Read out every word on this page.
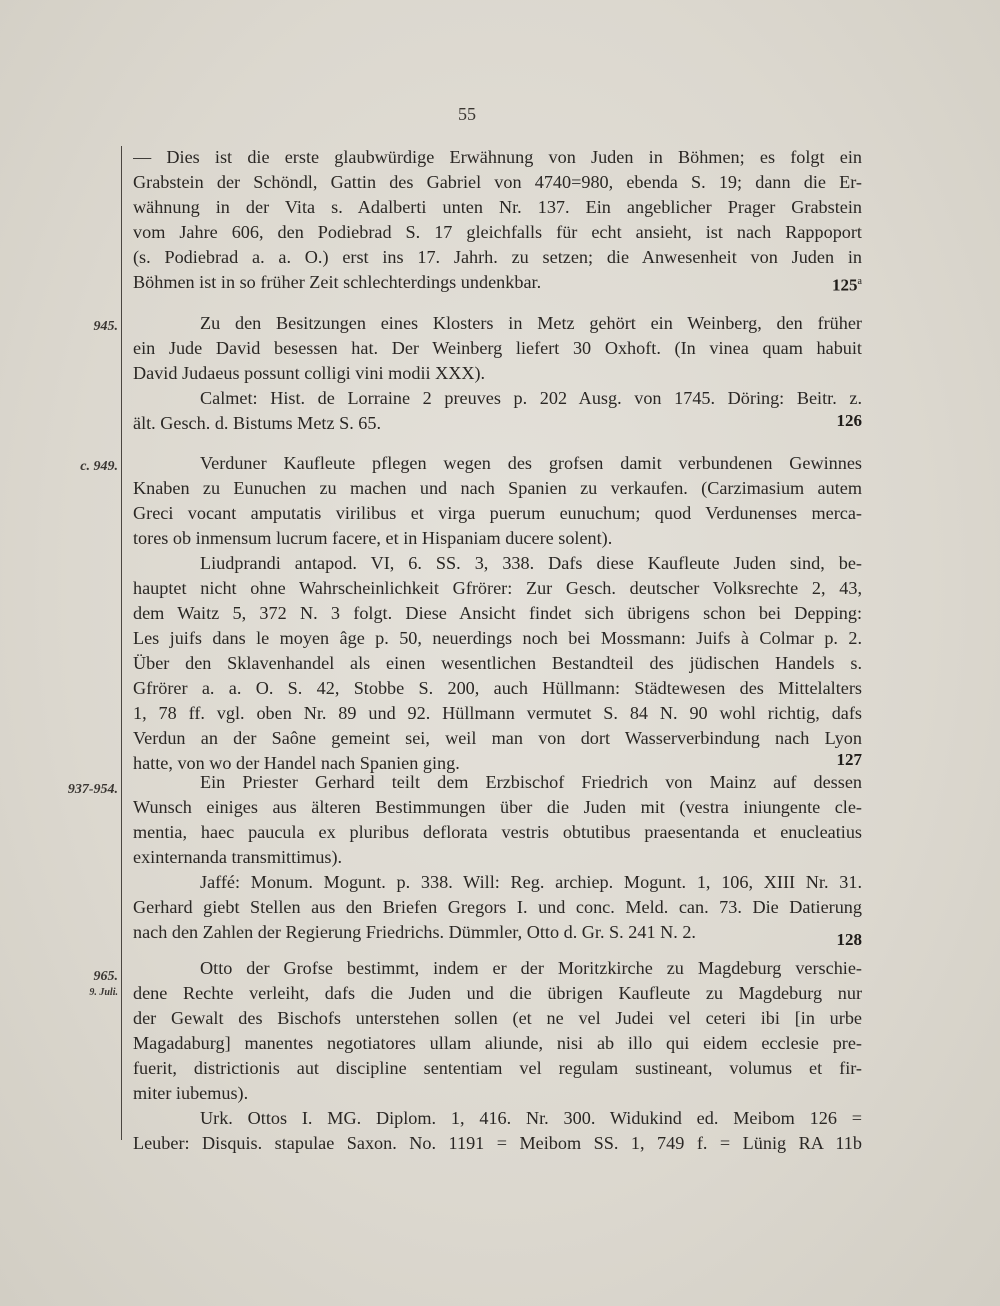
55
— Dies ist die erste glaubwürdige Erwähnung von Juden in Böhmen; es folgt ein
Grabstein der Schöndl, Gattin des Gabriel von 4740=980, ebenda S. 19; dann die Er-
wähnung in der Vita s. Adalberti unten Nr. 137. Ein angeblicher Prager Grabstein
vom Jahre 606, den Podiebrad S. 17 gleichfalls für echt ansieht, ist nach Rappoport
(s. Podiebrad a. a. O.) erst ins 17. Jahrh. zu setzen; die Anwesenheit von Juden in
Böhmen ist in so früher Zeit schlechterdings undenkbar.	125$^a$
945.	Zu den Besitzungen eines Klosters in Metz gehört ein Weinberg, den früher
ein Jude David besessen hat. Der Weinberg liefert 30 Oxhoft. (In vinea quam habuit
David Judaeus possunt colligi vini modii XXX).
Calmet: Hist. de Lorraine 2 preuves p. 202 Ausg. von 1745. Döring: Beitr. z.
ält. Gesch. d. Bistums Metz S. 65.	126
c. 949.	Verduner Kaufleute pflegen wegen des grofsen damit verbundenen Gewinnes
Knaben zu Eunuchen zu machen und nach Spanien zu verkaufen. (Carzimasium autem
Greci vocant amputatis virilibus et virga puerum eunuchum; quod Verdunenses merca-
tores ob inmensum lucrum facere, et in Hispaniam ducere solent).
Liudprandi antapod. VI, 6. SS. 3, 338. Dafs diese Kaufleute Juden sind, be-
hauptet nicht ohne Wahrscheinlichkeit Gfrörer: Zur Gesch. deutscher Volksrechte 2, 43,
dem Waitz 5, 372 N. 3 folgt. Diese Ansicht findet sich übrigens schon bei Depping:
Les juifs dans le moyen âge p. 50, neuerdings noch bei Mossmann: Juifs à Colmar p. 2.
Über den Sklavenhandel als einen wesentlichen Bestandteil des jüdischen Handels s.
Gfrörer a. a. O. S. 42, Stobbe S. 200, auch Hüllmann: Städtewesen des Mittelalters
1, 78 ff. vgl. oben Nr. 89 und 92. Hüllmann vermutet S. 84 N. 90 wohl richtig, dafs
Verdun an der Saône gemeint sei, weil man von dort Wasserverbindung nach Lyon
hatte, von wo der Handel nach Spanien ging.	127
937-954.	Ein Priester Gerhard teilt dem Erzbischof Friedrich von Mainz auf dessen
Wunsch einiges aus älteren Bestimmungen über die Juden mit (vestra iniungente cle-
mentia, haec paucula ex pluribus deflorata vestris obtutibus praesentanda et enucleatius
exinternanda transmittimus).
Jaffé: Monum. Mogunt. p. 338. Will: Reg. archiep. Mogunt. 1, 106, XIII Nr. 31.
Gerhard giebt Stellen aus den Briefen Gregors I. und conc. Meld. can. 73. Die Datierung
nach den Zahlen der Regierung Friedrichs. Dümmler, Otto d. Gr. S. 241 N. 2.	128
965.
9. Juli.
Otto der Grofse bestimmt, indem er der Moritzkirche zu Magdeburg verschie-
dene Rechte verleiht, dafs die Juden und die übrigen Kaufleute zu Magdeburg nur
der Gewalt des Bischofs unterstehen sollen (et ne vel Judei vel ceteri ibi [in urbe
Magadaburg] manentes negotiatores ullam aliunde, nisi ab illo qui eidem ecclesie pre-
fuerit, districtionis aut discipline sententiam vel regulam sustineant, volumus et fir-
miter iubemus).
Urk. Ottos I. MG. Diplom. 1, 416. Nr. 300. Widukind ed. Meibom 126 =
Leuber: Disquis. stapulae Saxon. No. 1191 = Meibom SS. 1, 749 f. = Lünig RA 11b
